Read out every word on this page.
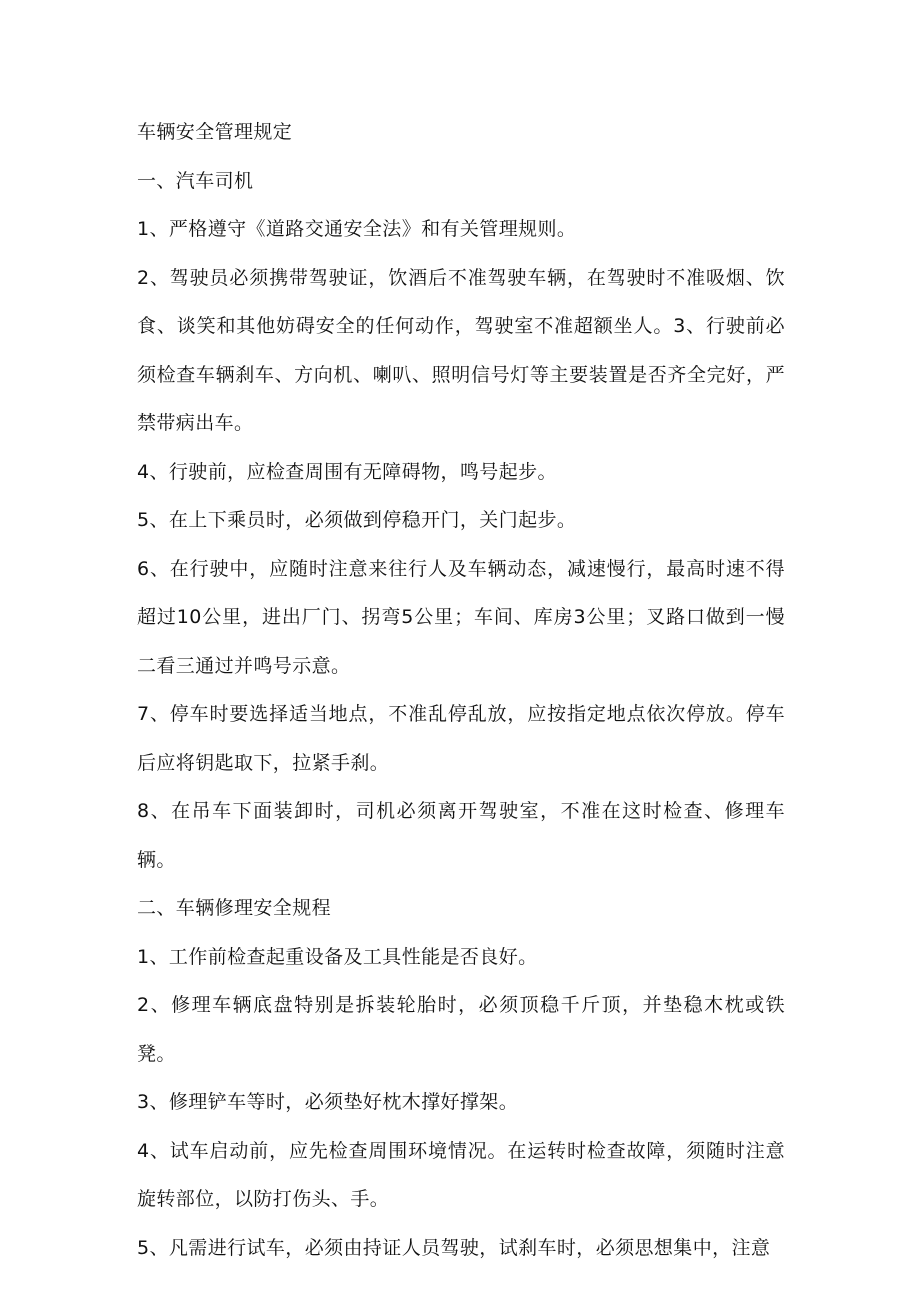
车辆安全管理规定

一、汽车司机

1、严格遵守《道路交通安全法》和有关管理规则。

2、驾驶员必须携带驾驶证，饮酒后不准驾驶车辆，在驾驶时不准吸烟、饮食、谈笑和其他妨碍安全的任何动作，驾驶室不准超额坐人。3、行驶前必须检查车辆刹车、方向机、喇叭、照明信号灯等主要装置是否齐全完好，严禁带病出车。

4、行驶前，应检查周围有无障碍物，鸣号起步。

5、在上下乘员时，必须做到停稳开门，关门起步。

6、在行驶中，应随时注意来往行人及车辆动态，减速慢行，最高时速不得超过10公里，进出厂门、拐弯5公里；车间、库房3公里；叉路口做到一慢二看三通过并鸣号示意。

7、停车时要选择适当地点，不准乱停乱放，应按指定地点依次停放。停车后应将钥匙取下，拉紧手刹。

8、在吊车下面装卸时，司机必须离开驾驶室，不准在这时检查、修理车辆。

二、车辆修理安全规程

1、工作前检查起重设备及工具性能是否良好。

2、修理车辆底盘特别是拆装轮胎时，必须顶稳千斤顶，并垫稳木枕或铁凳。

3、修理铲车等时，必须垫好枕木撑好撑架。

4、试车启动前，应先检查周围环境情况。在运转时检查故障，须随时注意旋转部位，以防打伤头、手。

5、凡需进行试车，必须由持证人员驾驶，试刹车时，必须思想集中，注意
